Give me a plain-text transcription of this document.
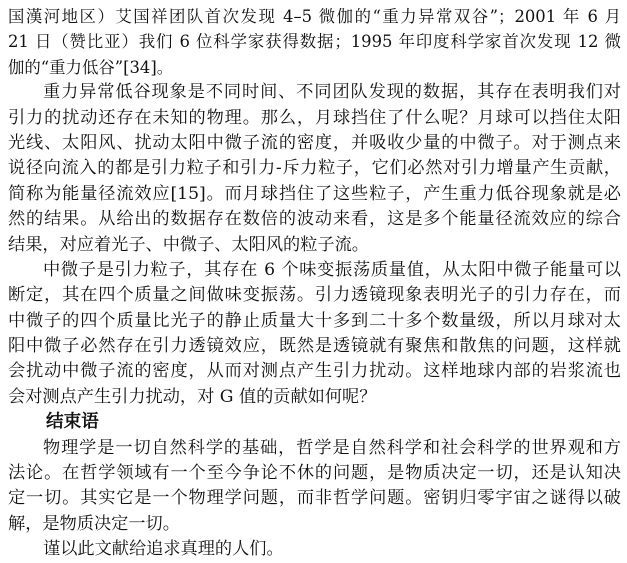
国漢河地区）艾国祥团队首次发现 4–5 微伽的“重力异常双谷”；2001 年 6 月
21 日（赞比亚）我们 6 位科学家获得数据；1995 年印度科学家首次发现 12 微
伽的“重力低谷”[34]。
重力异常低谷现象是不同时间、不同团队发现的数据，其存在表明我们对
引力的扰动还存在未知的物理。那么，月球挡住了什么呢？月球可以挡住太阳
光线、太阳风、扰动太阳中微子流的密度，并吸收少量的中微子。对于测点来
说径向流入的都是引力粒子和引力-斥力粒子，它们必然对引力增量产生贡献，
简称为能量径流效应[15]。而月球挡住了这些粒子，产生重力低谷现象就是必
然的结果。从给出的数据存在数倍的波动来看，这是多个能量径流效应的综合
结果，对应着光子、中微子、太阳风的粒子流。
中微子是引力粒子，其存在 6 个味变振荡质量值，从太阳中微子能量可以
断定，其在四个质量之间做味变振荡。引力透镜现象表明光子的引力存在，而
中微子的四个质量比光子的静止质量大十多到二十多个数量级，所以月球对太
阳中微子必然存在引力透镜效应，既然是透镜就有聚焦和散焦的问题，这样就
会扰动中微子流的密度，从而对测点产生引力扰动。这样地球内部的岩浆流也
会对测点产生引力扰动，对 G 值的贡献如何呢？
结束语
物理学是一切自然科学的基础，哲学是自然科学和社会科学的世界观和方
法论。在哲学领域有一个至今争论不休的问题，是物质决定一切，还是认知决
定一切。其实它是一个物理学问题，而非哲学问题。密钥归零宇宙之谜得以破
解，是物质决定一切。
谨以此文献给追求真理的人们。
